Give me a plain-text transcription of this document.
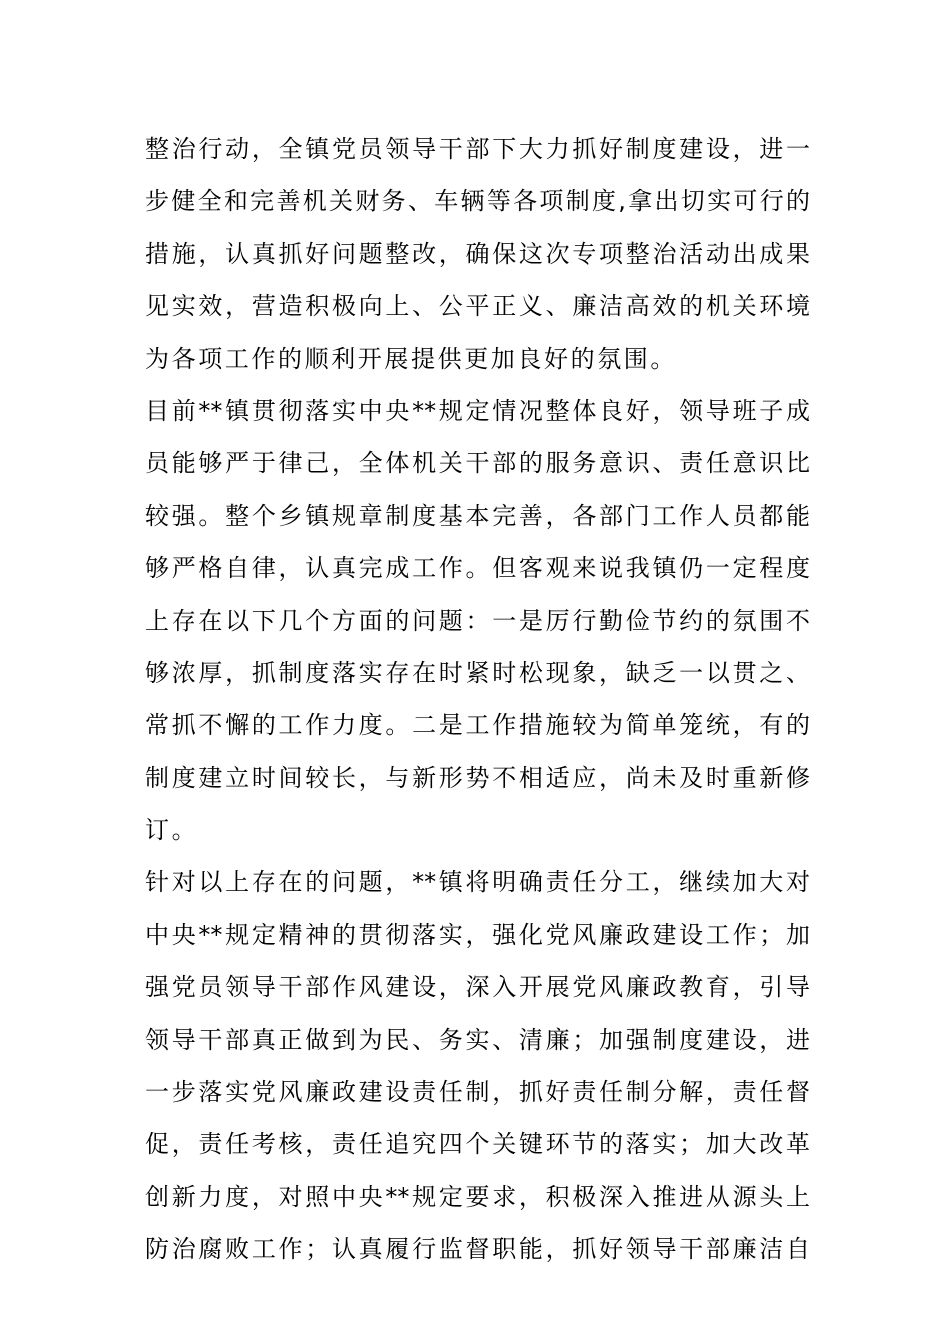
整治行动，全镇党员领导干部下大力抓好制度建设，进一
步健全和完善机关财务、车辆等各项制度,拿出切实可行的
措施，认真抓好问题整改，确保这次专项整治活动出成果
见实效，营造积极向上、公平正义、廉洁高效的机关环境
为各项工作的顺利开展提供更加良好的氛围。
目前**镇贯彻落实中央**规定情况整体良好，领导班子成
员能够严于律己，全体机关干部的服务意识、责任意识比
较强。整个乡镇规章制度基本完善，各部门工作人员都能
够严格自律，认真完成工作。但客观来说我镇仍一定程度
上存在以下几个方面的问题：一是厉行勤俭节约的氛围不
够浓厚，抓制度落实存在时紧时松现象，缺乏一以贯之、
常抓不懈的工作力度。二是工作措施较为简单笼统，有的
制度建立时间较长，与新形势不相适应，尚未及时重新修
订。
针对以上存在的问题，**镇将明确责任分工，继续加大对
中央**规定精神的贯彻落实，强化党风廉政建设工作；加
强党员领导干部作风建设，深入开展党风廉政教育，引导
领导干部真正做到为民、务实、清廉；加强制度建设，进
一步落实党风廉政建设责任制，抓好责任制分解，责任督
促，责任考核，责任追究四个关键环节的落实；加大改革
创新力度，对照中央**规定要求，积极深入推进从源头上
防治腐败工作；认真履行监督职能，抓好领导干部廉洁自
